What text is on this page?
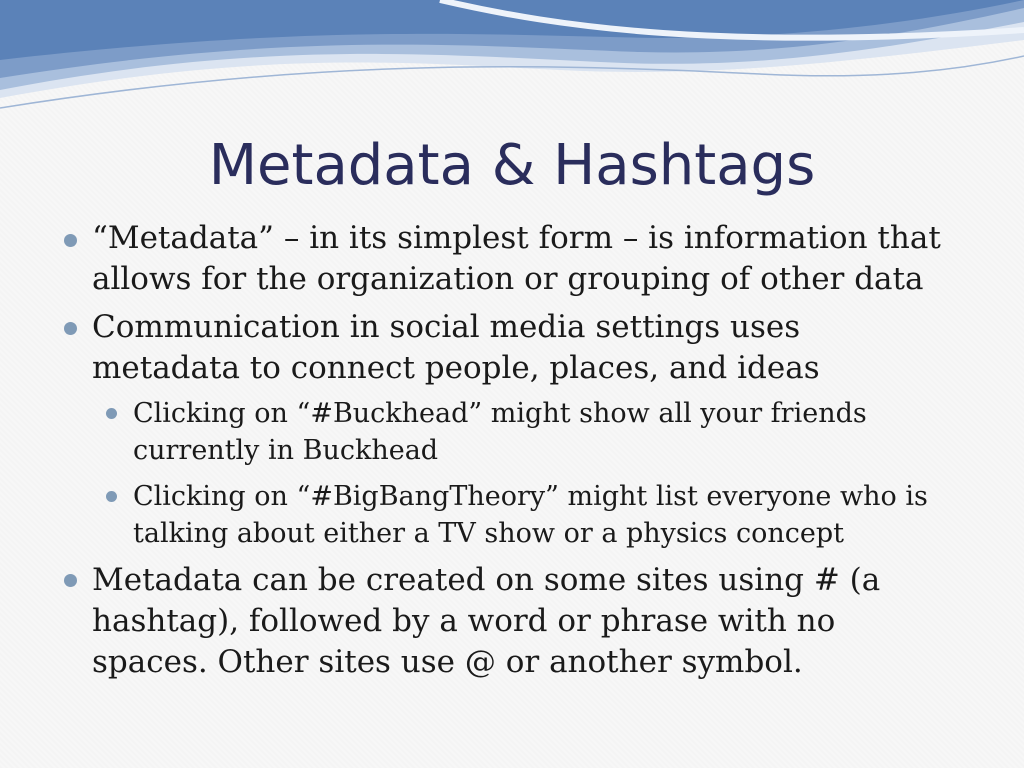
Metadata & Hashtags
“Metadata” – in its simplest form – is information that allows for the organization or grouping of other data
Communication in social media settings uses metadata to connect people, places, and ideas
Clicking on “#Buckhead” might show all your friends currently in Buckhead
Clicking on “#BigBangTheory” might list everyone who is talking about either a TV show or a physics concept
Metadata can be created on some sites using # (a hashtag), followed by a word or phrase with no spaces. Other sites use @ or another symbol.
